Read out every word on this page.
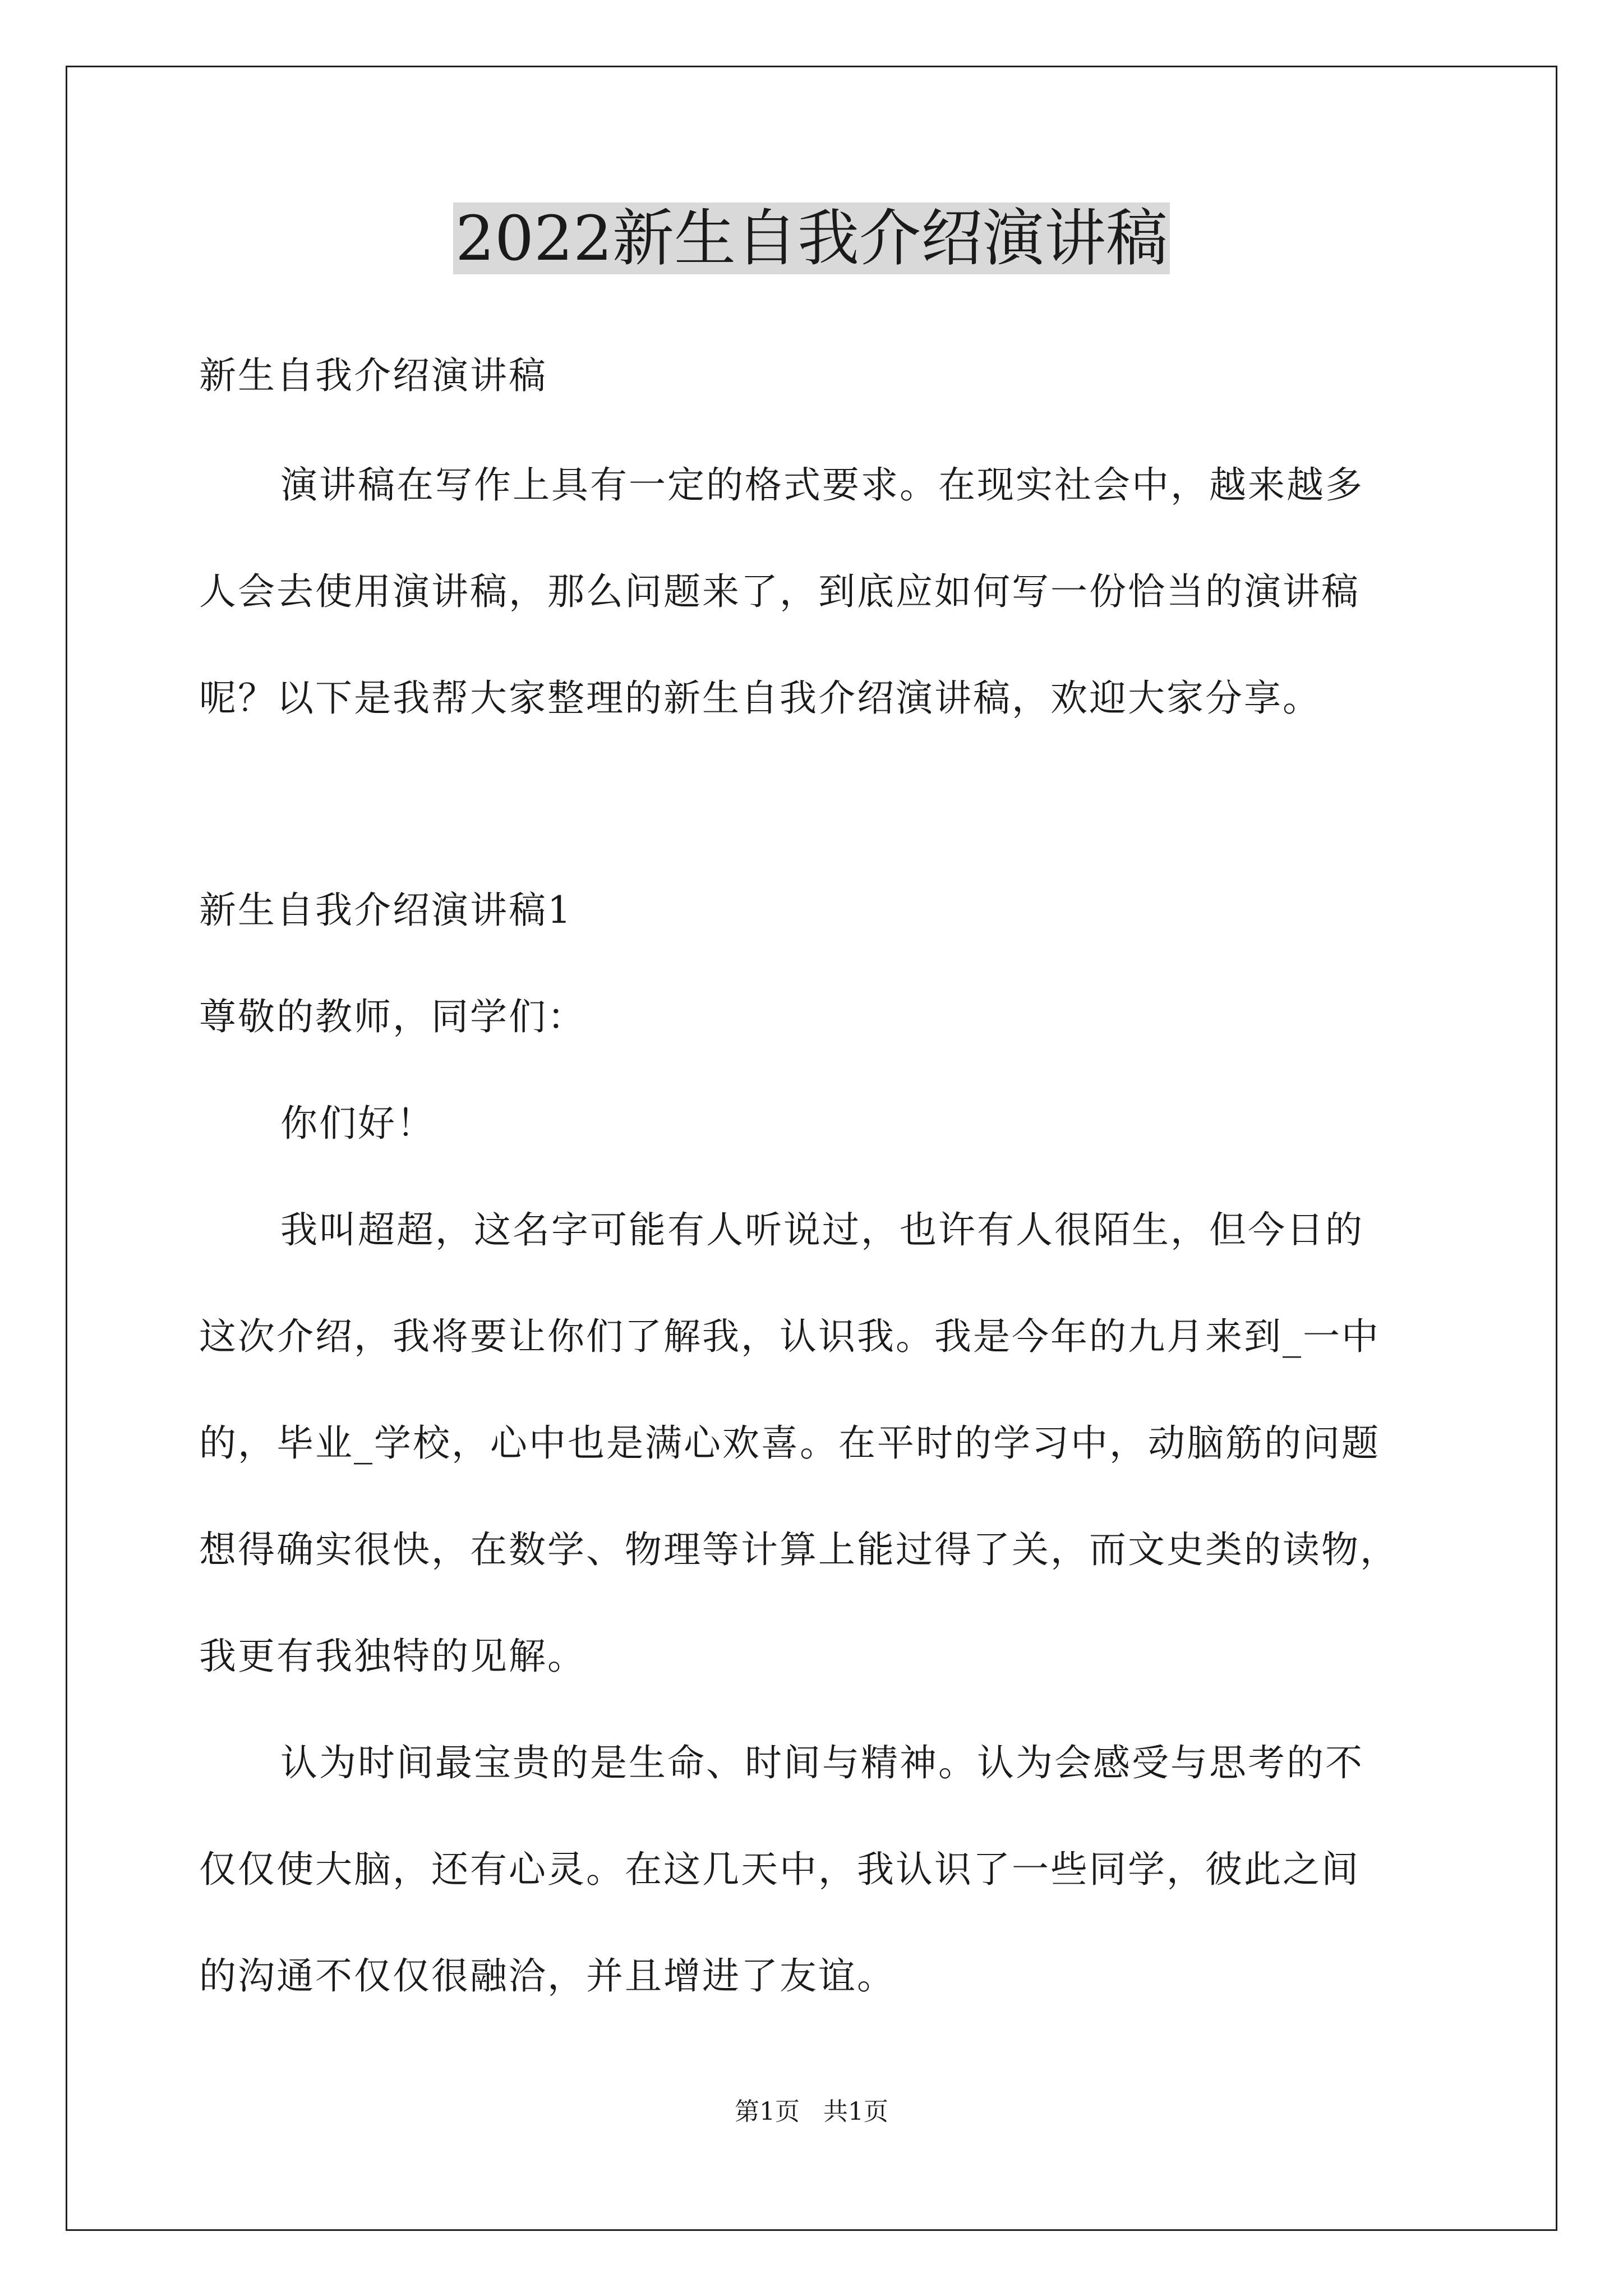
2022新生自我介绍演讲稿
新生自我介绍演讲稿
演讲稿在写作上具有一定的格式要求。在现实社会中，越来越多
人会去使用演讲稿，那么问题来了，到底应如何写一份恰当的演讲稿
呢？以下是我帮大家整理的新生自我介绍演讲稿，欢迎大家分享。
新生自我介绍演讲稿1
尊敬的教师，同学们：
你们好！
我叫超超，这名字可能有人听说过，也许有人很陌生，但今日的
这次介绍，我将要让你们了解我，认识我。我是今年的九月来到_一中
的，毕业_学校，心中也是满心欢喜。在平时的学习中，动脑筋的问题
想得确实很快，在数学、物理等计算上能过得了关，而文史类的读物，
我更有我独特的见解。
认为时间最宝贵的是生命、时间与精神。认为会感受与思考的不
仅仅使大脑，还有心灵。在这几天中，我认识了一些同学，彼此之间
的沟通不仅仅很融洽，并且增进了友谊。
第1页   共1页
